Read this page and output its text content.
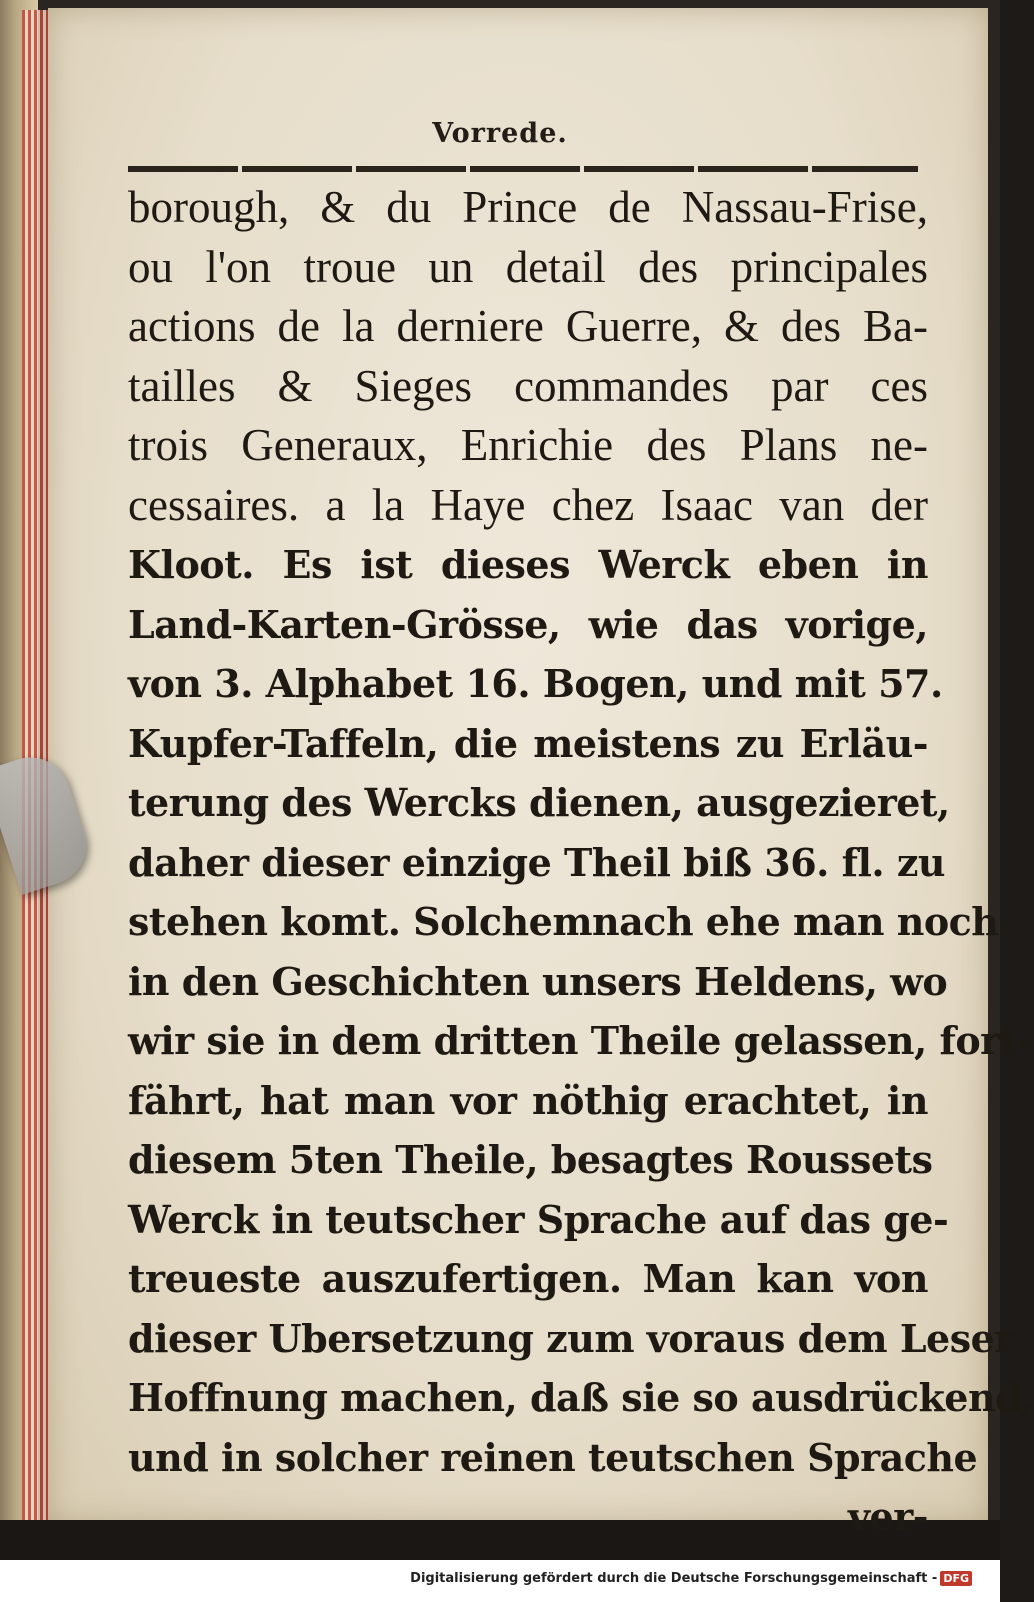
Vorrede.
borough, & du Prince de Nassau-Frise,
ou l'on troue un detail des principales
actions de la derniere Guerre, & des Ba-
tailles & Sieges commandes par ces
trois Generaux, Enrichie des Plans ne-
cessaires. a la Haye chez Isaac van der
Kloot. Es ist dieses Werck eben in
Land-Karten-Grösse, wie das vorige,
von 3. Alphabet 16. Bogen, und mit 57.
Kupfer-Taffeln, die meistens zu Erläu-
terung des Wercks dienen, ausgezieret,
daher dieser einzige Theil biß 36. fl. zu
stehen komt. Solchemnach ehe man noch
in den Geschichten unsers Heldens, wo
wir sie in dem dritten Theile gelassen, fort-
fährt, hat man vor nöthig erachtet, in
diesem 5ten Theile, besagtes Roussets
Werck in teutscher Sprache auf das ge-
treueste auszufertigen. Man kan von
dieser Ubersetzung zum voraus dem Leser
Hoffnung machen, daß sie so ausdrückend,
und in solcher reinen teutschen Sprache
ver-
Digitalisierung gefördert durch die Deutsche Forschungsgemeinschaft - DFG
